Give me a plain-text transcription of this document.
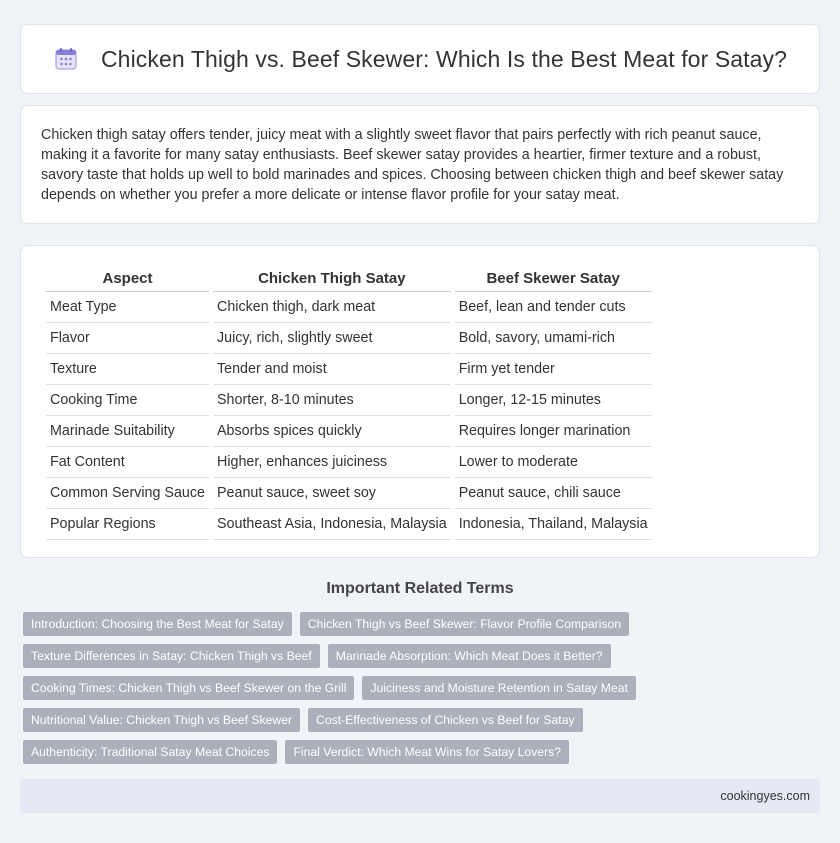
Chicken Thigh vs. Beef Skewer: Which Is the Best Meat for Satay?

Chicken thigh satay offers tender, juicy meat with a slightly sweet flavor that pairs perfectly with rich peanut sauce, making it a favorite for many satay enthusiasts. Beef skewer satay provides a heartier, firmer texture and a robust, savory taste that holds up well to bold marinades and spices. Choosing between chicken thigh and beef skewer satay depends on whether you prefer a more delicate or intense flavor profile for your satay meat.

Aspect	Chicken Thigh Satay	Beef Skewer Satay
Meat Type	Chicken thigh, dark meat	Beef, lean and tender cuts
Flavor	Juicy, rich, slightly sweet	Bold, savory, umami-rich
Texture	Tender and moist	Firm yet tender
Cooking Time	Shorter, 8-10 minutes	Longer, 12-15 minutes
Marinade Suitability	Absorbs spices quickly	Requires longer marination
Fat Content	Higher, enhances juiciness	Lower to moderate
Common Serving Sauce	Peanut sauce, sweet soy	Peanut sauce, chili sauce
Popular Regions	Southeast Asia, Indonesia, Malaysia	Indonesia, Thailand, Malaysia
Important Related Terms
Introduction: Choosing the Best Meat for Satay	Chicken Thigh vs Beef Skewer: Flavor Profile Comparison
Texture Differences in Satay: Chicken Thigh vs Beef	Marinade Absorption: Which Meat Does it Better?
Cooking Times: Chicken Thigh vs Beef Skewer on the Grill	Juiciness and Moisture Retention in Satay Meat
Nutritional Value: Chicken Thigh vs Beef Skewer	Cost-Effectiveness of Chicken vs Beef for Satay
Authenticity: Traditional Satay Meat Choices	Final Verdict: Which Meat Wins for Satay Lovers?
cookingyes.com
